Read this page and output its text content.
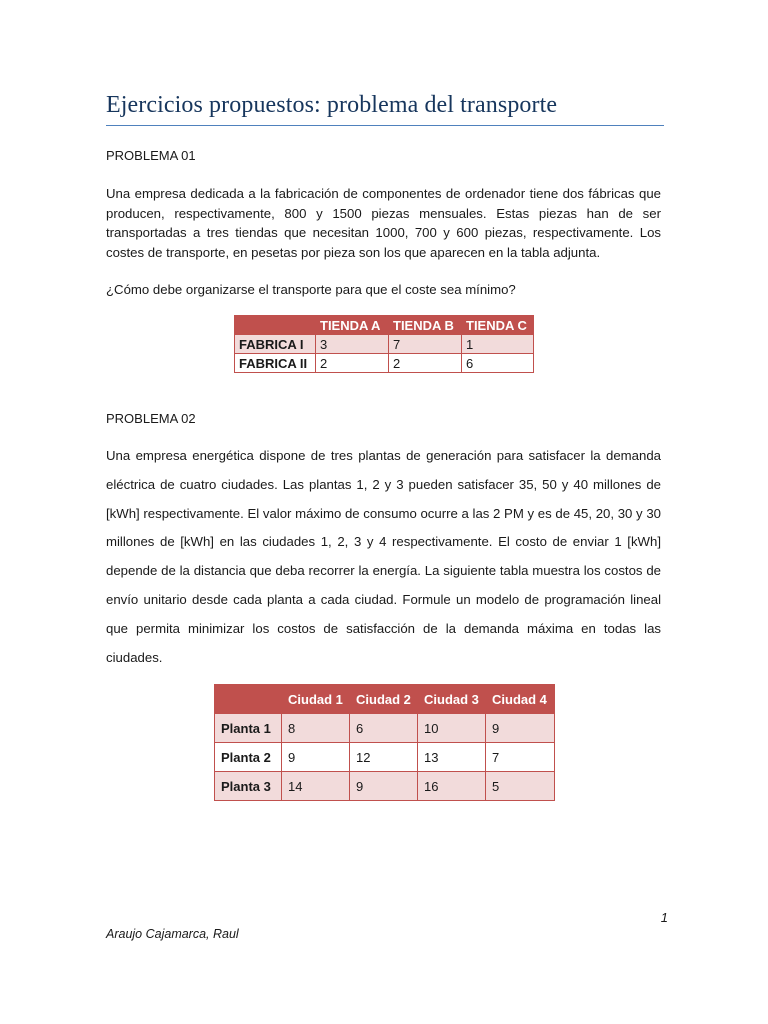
Ejercicios propuestos: problema del transporte

PROBLEMA 01

Una empresa dedicada a la fabricación de componentes de ordenador tiene dos fábricas que producen, respectivamente, 800 y 1500 piezas mensuales. Estas piezas han de ser transportadas a tres tiendas que necesitan 1000, 700 y 600 piezas, respectivamente. Los costes de transporte, en pesetas por pieza son los que aparecen en la tabla adjunta.

¿Cómo debe organizarse el transporte para que el coste sea mínimo?

	TIENDA A	TIENDA B	TIENDA C
FABRICA I	3	7	1
FABRICA II	2	2	6

PROBLEMA 02

Una empresa energética dispone de tres plantas de generación para satisfacer la demanda eléctrica de cuatro ciudades. Las plantas 1, 2 y 3 pueden satisfacer 35, 50 y 40 millones de [kWh] respectivamente. El valor máximo de consumo ocurre a las 2 PM y es de 45, 20, 30 y 30 millones de [kWh] en las ciudades 1, 2, 3 y 4 respectivamente. El costo de enviar 1 [kWh] depende de la distancia que deba recorrer la energía. La siguiente tabla muestra los costos de envío unitario desde cada planta a cada ciudad. Formule un modelo de programación lineal que permita minimizar los costos de satisfacción de la demanda máxima en todas las ciudades.

	Ciudad 1	Ciudad 2	Ciudad 3	Ciudad 4
Planta 1	8	6	10	9
Planta 2	9	12	13	7
Planta 3	14	9	16	5

1

Araujo Cajamarca, Raul
